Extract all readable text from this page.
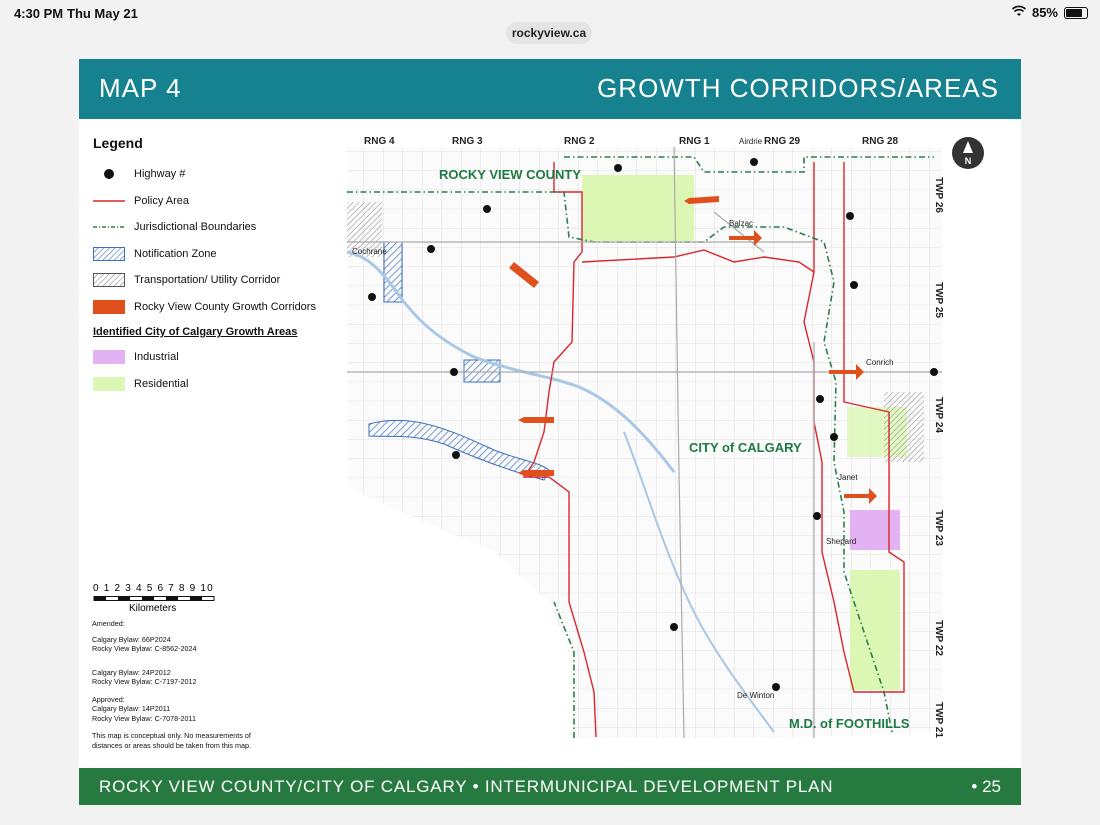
4:30 PM Thu May 21	85%
rockyview.ca
MAP 4	GROWTH CORRIDORS/AREAS
Legend
Highway #
Policy Area
Jurisdictional Boundaries
Notification Zone
Transportation/ Utility Corridor
Rocky View County Growth Corridors
Identified City of Calgary Growth Areas
Industrial
Residential
0 1 2 3 4 5 6 7 8 9 10
Kilometers
Amended:
Calgary Bylaw: 66P2024
Rocky View Bylaw: C-8562-2024
Calgary Bylaw: 24P2012
Rocky View Bylaw: C-7197-2012
Approved:
Calgary Bylaw: 14P2011
Rocky View Bylaw: C-7078-2011
This map is conceptual only. No measurements of
distances or areas should be taken from this map.
RNG 4	RNG 3	RNG 2	RNG 1	RNG 29	RNG 28
TWP 26
TWP 25
TWP 24
TWP 23
TWP 22
TWP 21
ROCKY VIEW COUNTY
CITY of CALGARY
M.D. of FOOTHILLS
Airdrie
Balzac
Cochrane
Conrich
Janet
Shepard
De Winton
N
ROCKY VIEW COUNTY/CITY OF CALGARY • INTERMUNICIPAL DEVELOPMENT PLAN	• 25
